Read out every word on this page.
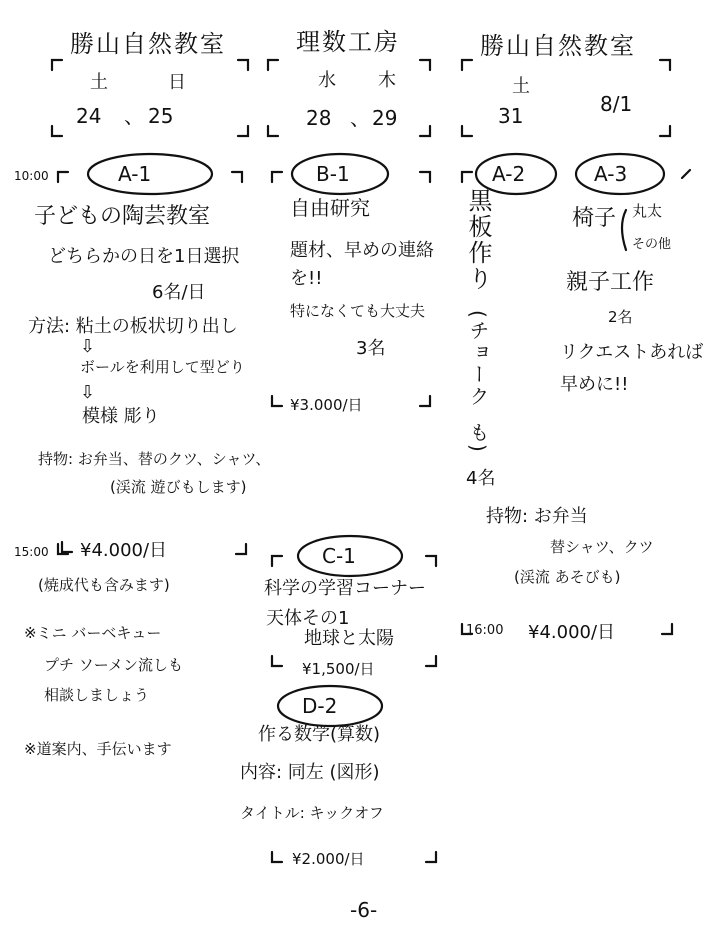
勝山自然教室
土	日
24 、 25
理数工房
水 木
28 、 29
勝山自然教室
土
31	8/1
10:00
15:00
16:00
A-1
子どもの陶芸教室
どちらかの日を1日選択
6名/日
方法: 粘土の板状切り出し
⇩
ボールを利用して型どり
⇩
模様 彫り
持物: お弁当、替のクツ、シャツ、
(渓流 遊びもします)
¥4.000/日
(焼成代も含みます)
※ミニ バーベキュー
プチ ソーメン流しも
相談しましょう
※道案内、手伝います
B-1
自由研究
題材、早めの連絡
を!!
特になくても大丈夫
3名
¥3.000/日
A-2
黒板作り
(チョーク
も)
4名
A-3
椅子 丸太
その他
親子工作
2名
リクエストあれば
早めに!!
持物: お弁当
替シャツ、クツ
(渓流 あそびも)
¥4.000/日
C-1
科学の学習コーナー
天体その1
地球と太陽
¥1,500/日
D-2
作る数学(算数)
内容: 同左 (図形)
タイトル: キックオフ
¥2.000/日
-6-
